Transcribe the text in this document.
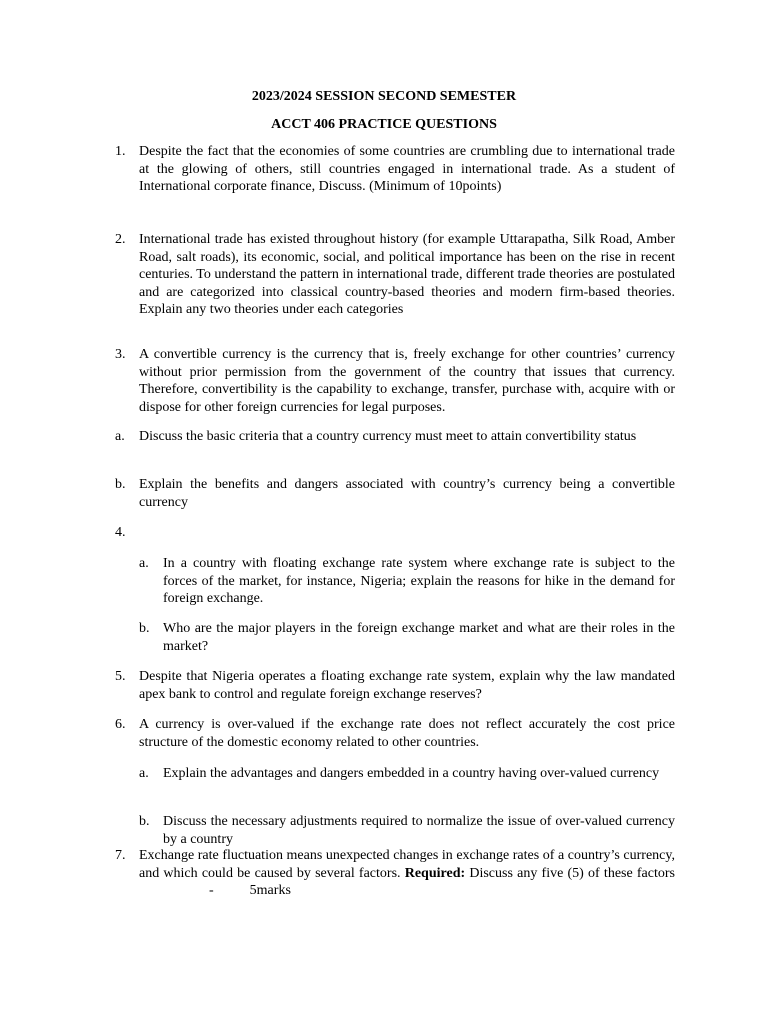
2023/2024 SESSION SECOND SEMESTER
ACCT 406 PRACTICE QUESTIONS
1. Despite the fact that the economies of some countries are crumbling due to international trade at the glowing of others, still countries engaged in international trade. As a student of International corporate finance, Discuss. (Minimum of 10points)
2. International trade has existed throughout history (for example Uttarapatha, Silk Road, Amber Road, salt roads), its economic, social, and political importance has been on the rise in recent centuries. To understand the pattern in international trade, different trade theories are postulated and are categorized into classical country-based theories and modern firm-based theories. Explain any two theories under each categories
3. A convertible currency is the currency that is, freely exchange for other countries’ currency without prior permission from the government of the country that issues that currency. Therefore, convertibility is the capability to exchange, transfer, purchase with, acquire with or dispose for other foreign currencies for legal purposes.
a. Discuss the basic criteria that a country currency must meet to attain convertibility status
b. Explain the benefits and dangers associated with country’s currency being a convertible currency
4.
a. In a country with floating exchange rate system where exchange rate is subject to the forces of the market, for instance, Nigeria; explain the reasons for hike in the demand for foreign exchange.
b. Who are the major players in the foreign exchange market and what are their roles in the market?
5. Despite that Nigeria operates a floating exchange rate system, explain why the law mandated apex bank to control and regulate foreign exchange reserves?
6. A currency is over-valued if the exchange rate does not reflect accurately the cost price structure of the domestic economy related to other countries.
a. Explain the advantages and dangers embedded in a country having over-valued currency
b. Discuss the necessary adjustments required to normalize the issue of over-valued currency by a country
7. Exchange rate fluctuation means unexpected changes in exchange rates of a country’s currency, and which could be caused by several factors. Required: Discuss any five (5) of these factors-	5marks
